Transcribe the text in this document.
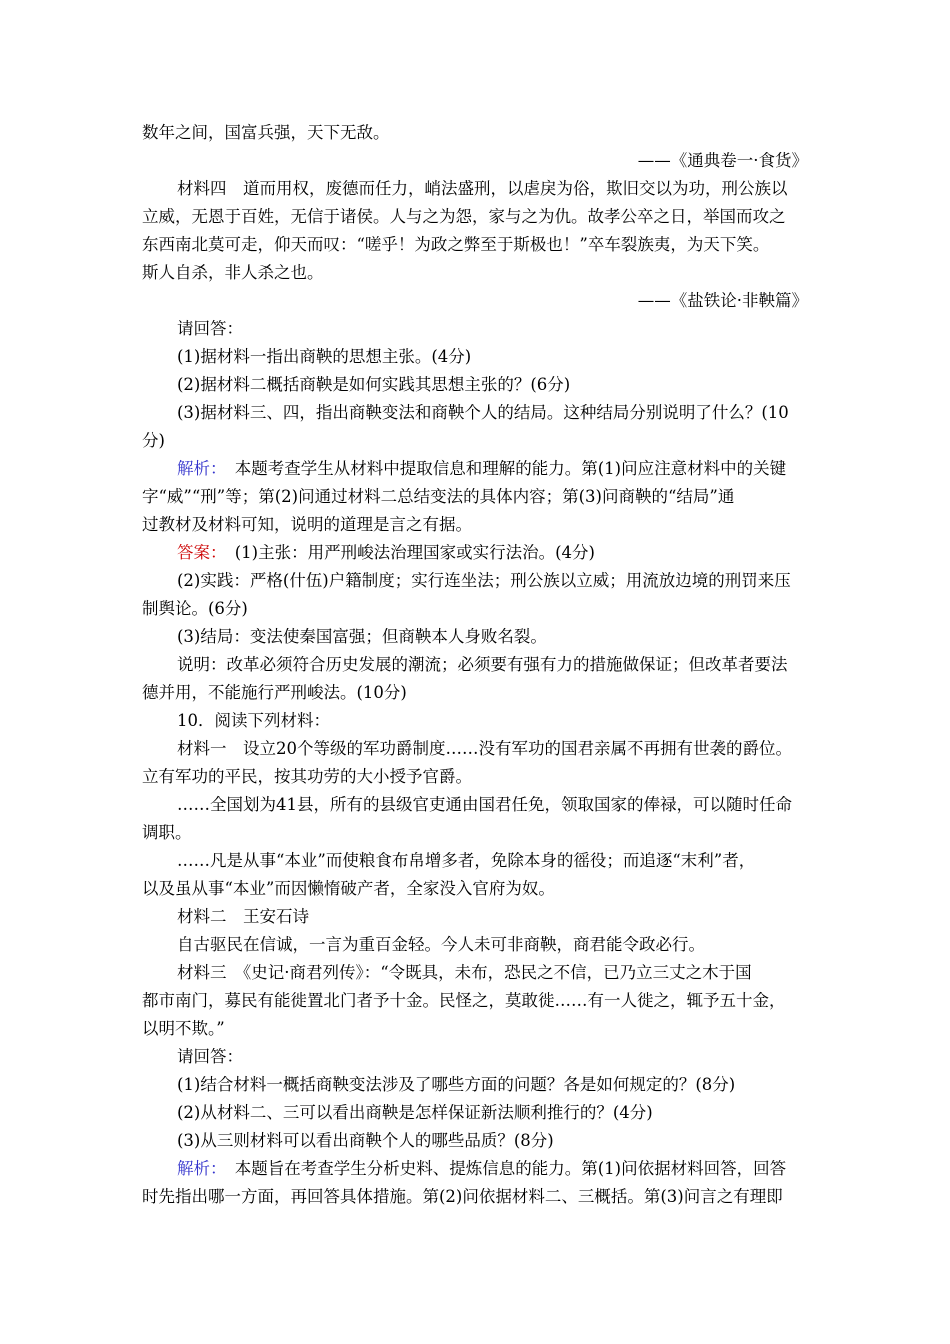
数年之间，国富兵强，天下无敌。
——《通典卷一·食货》
材料四　道而用权，废德而任力，峭法盛刑，以虐戾为俗，欺旧交以为功，刑公族以
立威，无恩于百姓，无信于诸侯。人与之为怨，家与之为仇。故孝公卒之日，举国而攻之
东西南北莫可走，仰天而叹：“嗟乎！为政之弊至于斯极也！”卒车裂族夷，为天下笑。
斯人自杀，非人杀之也。
——《盐铁论·非鞅篇》
请回答：
(1)据材料一指出商鞅的思想主张。(4分)
(2)据材料二概括商鞅是如何实践其思想主张的？(6分)
(3)据材料三、四，指出商鞅变法和商鞅个人的结局。这种结局分别说明了什么？(10
分)
解析：　本题考查学生从材料中提取信息和理解的能力。第(1)问应注意材料中的关键
字“威”“刑”等；第(2)问通过材料二总结变法的具体内容；第(3)问商鞅的“结局”通
过教材及材料可知，说明的道理是言之有据。
答案：　(1)主张：用严刑峻法治理国家或实行法治。(4分)
(2)实践：严格(什伍)户籍制度；实行连坐法；刑公族以立威；用流放边境的刑罚来压
制舆论。(6分)
(3)结局：变法使秦国富强；但商鞅本人身败名裂。
说明：改革必须符合历史发展的潮流；必须要有强有力的措施做保证；但改革者要法
德并用，不能施行严刑峻法。(10分)
10．阅读下列材料：
材料一　设立20个等级的军功爵制度……没有军功的国君亲属不再拥有世袭的爵位。
立有军功的平民，按其功劳的大小授予官爵。
……全国划为41县，所有的县级官吏通由国君任免，领取国家的俸禄，可以随时任命
调职。
……凡是从事“本业”而使粮食布帛增多者，免除本身的徭役；而追逐“末利”者，
以及虽从事“本业”而因懒惰破产者，全家没入官府为奴。
材料二　王安石诗
自古驱民在信诚，一言为重百金轻。今人未可非商鞅，商君能令政必行。
材料三　《史记·商君列传》：“令既具，未布，恐民之不信，已乃立三丈之木于国
都市南门，募民有能徙置北门者予十金。民怪之，莫敢徙……有一人徙之，辄予五十金，
以明不欺。”
请回答：
(1)结合材料一概括商鞅变法涉及了哪些方面的问题？各是如何规定的？(8分)
(2)从材料二、三可以看出商鞅是怎样保证新法顺利推行的？(4分)
(3)从三则材料可以看出商鞅个人的哪些品质？(8分)
解析：　本题旨在考查学生分析史料、提炼信息的能力。第(1)问依据材料回答，回答
时先指出哪一方面，再回答具体措施。第(2)问依据材料二、三概括。第(3)问言之有理即
